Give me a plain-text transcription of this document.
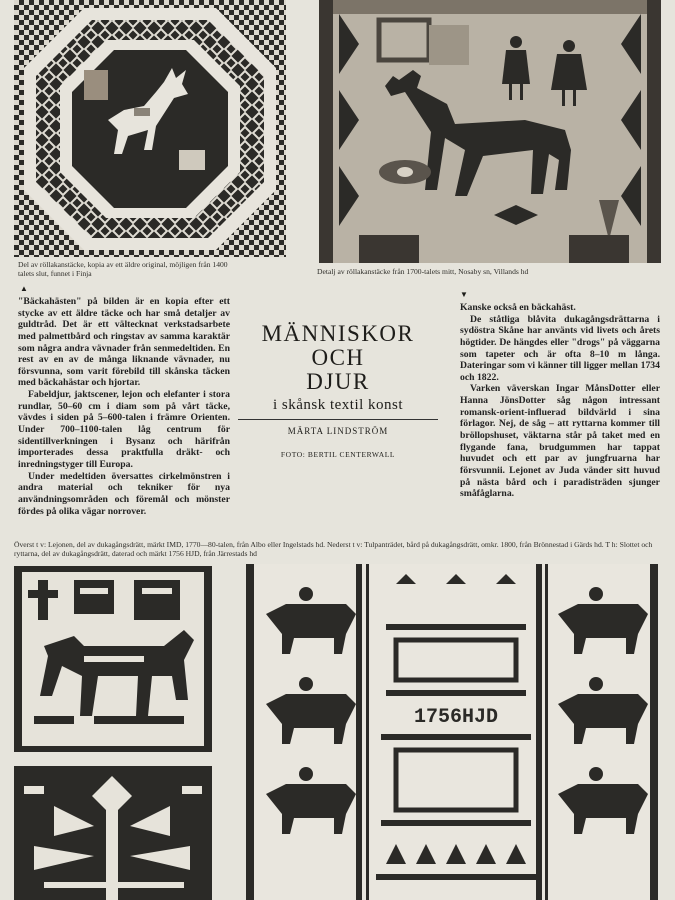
Del av röllakanstäcke, kopia av ett äldre original, möjligen från 1400 talets slut, funnet i Finja	Detalj av röllakanstäcke från 1700-talets mitt, Nosaby sn, Villands hd
▲
▼

"Bäckahästen" på bilden är en kopia efter ett stycke av ett äldre täcke och har små detaljer av guldtråd. Det är ett vältecknat verkstadsarbete med palmettbård och ringstav av samma karaktär som några andra vävnader från senmedeltiden. En rest av en av de många liknande vävnader, nu försvunna, som varit förebild till skånska täcken med bäckahästar och hjortar.

Fabeldjur, jaktscener, lejon och elefanter i stora rundlar, 50–60 cm i diam som på vårt täcke, vävdes i siden på 5–600-talen i främre Orienten. Under 700–1100-talen låg centrum för sidentillverkningen i Bysanz och härifrån importerades dessa praktfulla dräkt- och inredningstyger till Europa.

Under medeltiden översattes cirkelmönstren i andra material och tekniker för nya användningsområden och föremål och mönster fördes på olika vägar norrover.

MÄNNISKOR
OCH
DJUR
i skånsk textil konst
MÄRTA LINDSTRÖM
FOTO: BERTIL CENTERWALL

Kanske också en bäckahäst.

De ståtliga blåvita dukagångsdrättarna i sydöstra Skåne har använts vid livets och årets högtider. De hängdes eller "drogs" på väggarna som tapeter och är ofta 8–10 m långa. Dateringar som vi känner till ligger mellan 1734 och 1822.

Varken väverskan Ingar MånsDotter eller Hanna JönsDotter såg någon intressant romansk-orient-influerad bildvärld i sina förlagor. Nej, de såg – att ryttarna kommer till bröllopshuset, väktarna står på taket med en flygande fana, brudgummen har tappat huvudet och ett par av jungfruarna har försvunnii. Lejonet av Juda vänder sitt huvud på nästa bård och i paradisträden sjunger småfåglarna.

Överst t v: Lejonen, del av dukagångsdrätt, märkt IMD, 1770—80-talen, från Albo eller Ingelstads hd. Nederst t v: Tulpanträdet, bård på dukagångsdrätt, omkr. 1800, från Brönnestad i Gärds hd. T h: Slottet och ryttarna, del av dukagångsdrätt, daterad och märkt 1756 HJD, från Järrestads hd
1756HJD
